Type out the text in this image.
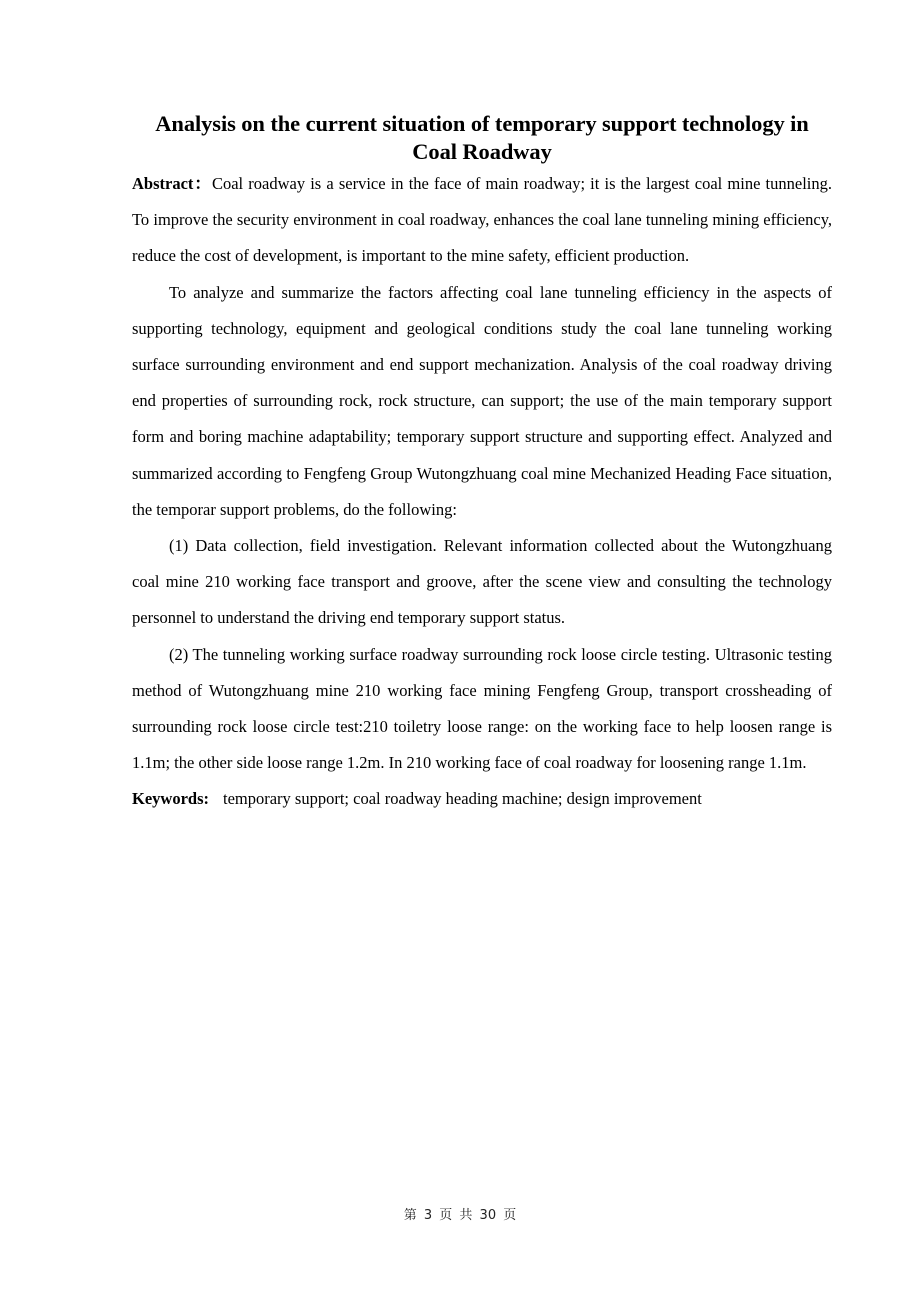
Analysis on the current situation of temporary support technology in Coal Roadway

Abstract：Coal roadway is a service in the face of main roadway; it is the largest coal mine tunneling. To improve the security environment in coal roadway, enhances the coal lane tunneling mining efficiency, reduce the cost of development, is important to the mine safety, efficient production.

To analyze and summarize the factors affecting coal lane tunneling efficiency in the aspects of supporting technology, equipment and geological conditions study the coal lane tunneling working surface surrounding environment and end support mechanization. Analysis of the coal roadway driving end properties of surrounding rock, rock structure, can support; the use of the main temporary support form and boring machine adaptability; temporary support structure and supporting effect. Analyzed and summarized according to Fengfeng Group Wutongzhuang coal mine Mechanized Heading Face situation, the temporar support problems, do the following:

(1) Data collection, field investigation. Relevant information collected about the Wutongzhuang coal mine 210 working face transport and groove, after the scene view and consulting the technology personnel to understand the driving end temporary support status.

(2) The tunneling working surface roadway surrounding rock loose circle testing. Ultrasonic testing method of Wutongzhuang mine 210 working face mining Fengfeng Group, transport crossheading of surrounding rock loose circle test:210 toiletry loose range: on the working face to help loosen range is 1.1m; the other side loose range 1.2m. In 210 working face of coal roadway for loosening range 1.1m.

Keywords: temporary support; coal roadway heading machine; design improvement

第 3 页 共 30 页
